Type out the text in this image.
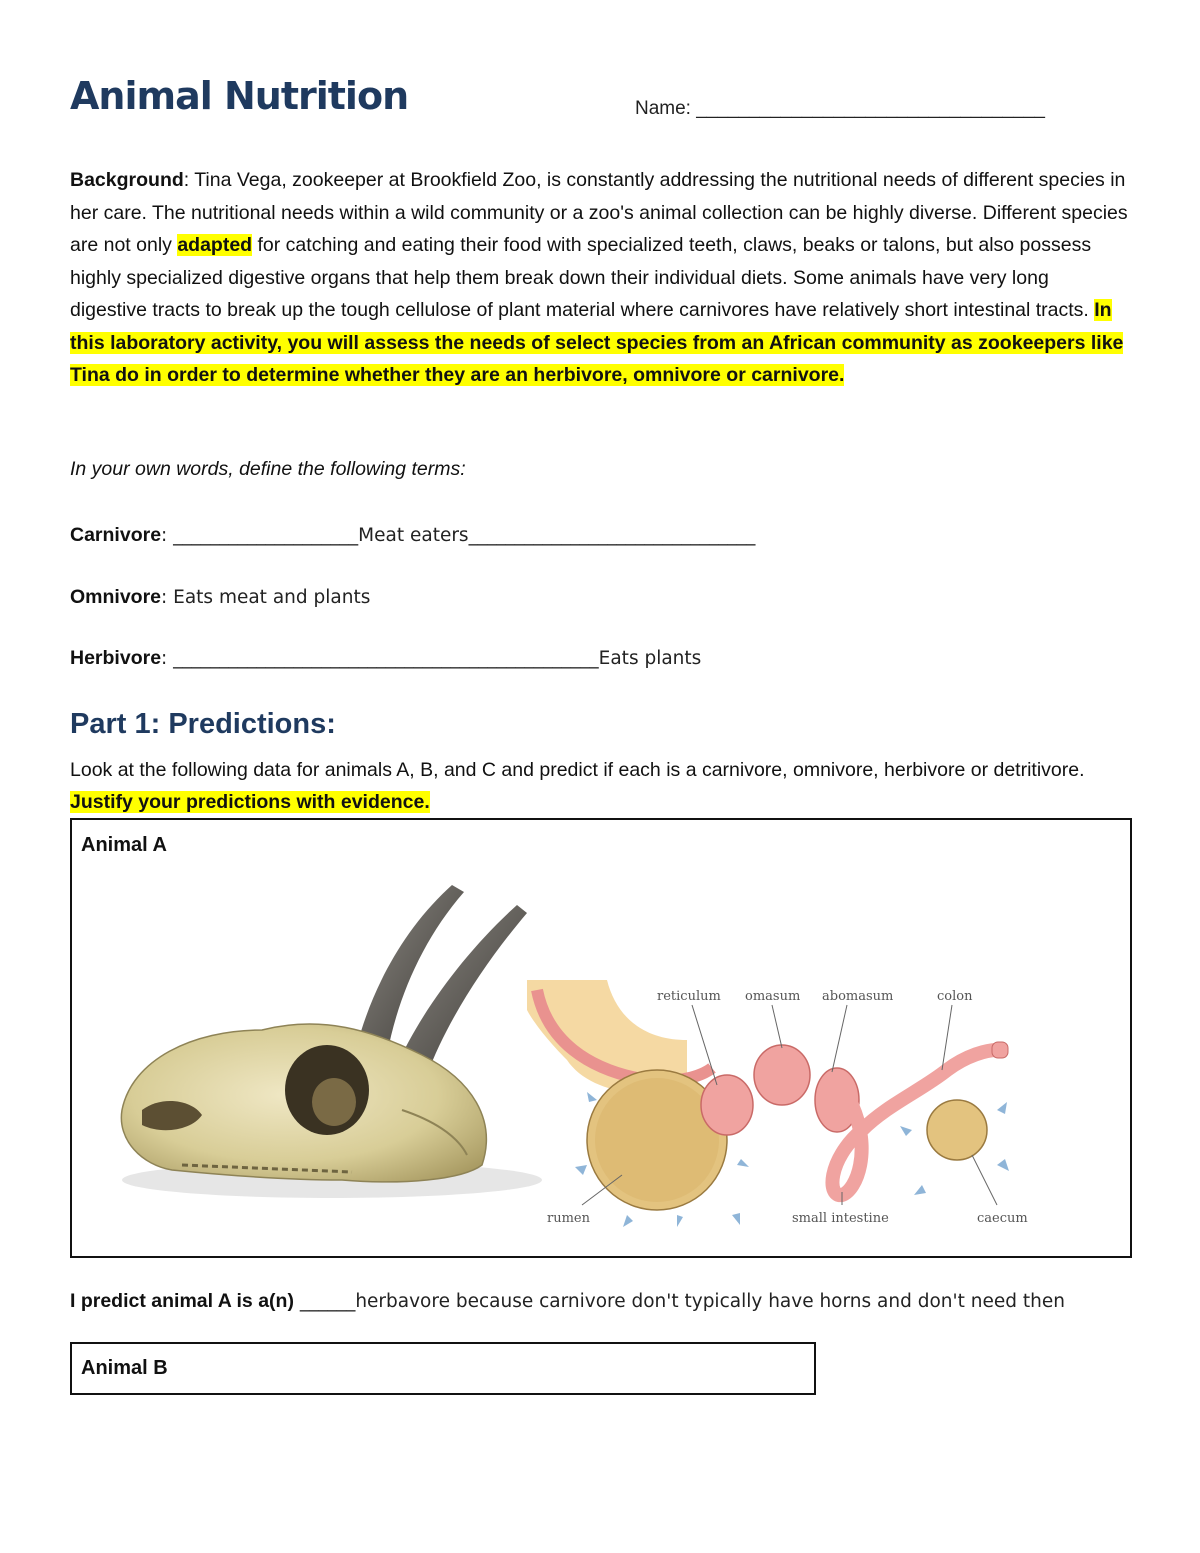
Animal Nutrition	Name: _________________________________
Background: Tina Vega, zookeeper at Brookfield Zoo, is constantly addressing the nutritional needs of different species in her care. The nutritional needs within a wild community or a zoo's animal collection can be highly diverse. Different species are not only adapted for catching and eating their food with specialized teeth, claws, beaks or talons, but also possess highly specialized digestive organs that help them break down their individual diets. Some animals have very long digestive tracts to break up the tough cellulose of plant material where carnivores have relatively short intestinal tracts. In this laboratory activity, you will assess the needs of select species from an African community as zookeepers like Tina do in order to determine whether they are an herbivore, omnivore or carnivore.
In your own words, define the following terms:
Carnivore: ____________________Meat eaters_______________________________
Omnivore: Eats meat and plants
Herbivore: ______________________________________________Eats plants
Part 1: Predictions:
Look at the following data for animals A, B, and C and predict if each is a carnivore, omnivore, herbivore or detritivore. Justify your predictions with evidence.
Animal A
reticulum omasum abomasum	colon
rumen	small intestine	caecum
I predict animal A is a(n) ______herbavore because carnivore don't typically have horns and don't need then
Animal B
